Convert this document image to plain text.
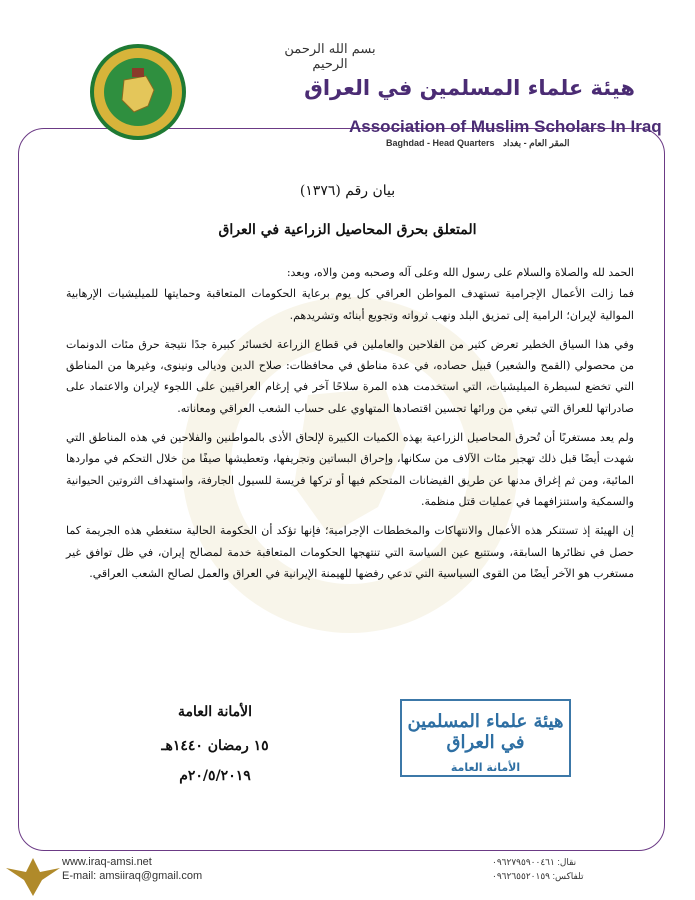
بسم الله الرحمن الرحيم
هيئة علماء المسلمين في العراق
Association of Muslim Scholars In Iraq
Baghdad - Head Quarters المقر العام - بغداد
بيان رقم (١٣٧٦)
المتعلق بحرق المحاصيل الزراعية في العراق

الحمد لله والصلاة والسلام على رسول الله وعلى آله وصحبه ومن والاه، وبعد:

فما زالت الأعمال الإجرامية تستهدف المواطن العراقي كل يوم برعاية الحكومات المتعاقبة وحمايتها للميليشيات الإرهابية الموالية لإيران؛ الرامية إلى تمزيق البلد ونهب ثرواته وتجويع أبنائه وتشريدهم.

وفي هذا السياق الخطير تعرض كثير من الفلاحين والعاملين في قطاع الزراعة لخسائر كبيرة جدًا نتيجة حرق مئات الدونمات من محصولي (القمح والشعير) قبيل حصاده، في عدة مناطق في محافظات: صلاح الدين وديالى ونينوى، وغيرها من المناطق التي تخضع لسيطرة الميليشيات، التي استخدمت هذه المرة سلاحًا آخر في إرغام العراقيين على اللجوء لإيران والاعتماد على صادراتها للعراق التي تبغي من ورائها تحسين اقتصادها المتهاوي على حساب الشعب العراقي ومعاناته.

ولم يعد مستغربًا أن تُحرق المحاصيل الزراعية بهذه الكميات الكبيرة لإلحاق الأذى بالمواطنين والفلاحين في هذه المناطق التي شهدت أيضًا قبل ذلك تهجير مئات الآلاف من سكانها، وإحراق البساتين وتجريفها، وتعطيشها صيفًا من خلال التحكم في مواردها المائية، ومن ثم إغراق مدنها عن طريق الفيضانات المتحكم فيها أو تركها فريسة للسيول الجارفة، واستهداف الثروتين الحيوانية والسمكية واستنزافهما في عمليات قتل منظمة.

إن الهيئة إذ تستنكر هذه الأعمال والانتهاكات والمخططات الإجرامية؛ فإنها تؤكد أن الحكومة الحالية ستغطي هذه الجريمة كما حصل في نظائرها السابقة، وستتبع عين السياسة التي تنتهجها الحكومات المتعاقبة خدمة لمصالح إيران، في ظل توافق غير مستغرب هو الآخر أيضًا من القوى السياسية التي تدعي رفضها للهيمنة الإيرانية في العراق والعمل لصالح الشعب العراقي.

الأمانة العامة
١٥ رمضان ١٤٤٠هـ
٢٠/٥/٢٠١٩م
هيئة علماء المسلمين في العراق
الأمانة العامة
www.iraq-amsi.net
E-mail: amsiiraq@gmail.com
نقال: ٠٩٦٢٧٩٥٩٠٠٤٦١
تلفاكس: ٠٩٦٢٦٥٥٢٠١٥٩
